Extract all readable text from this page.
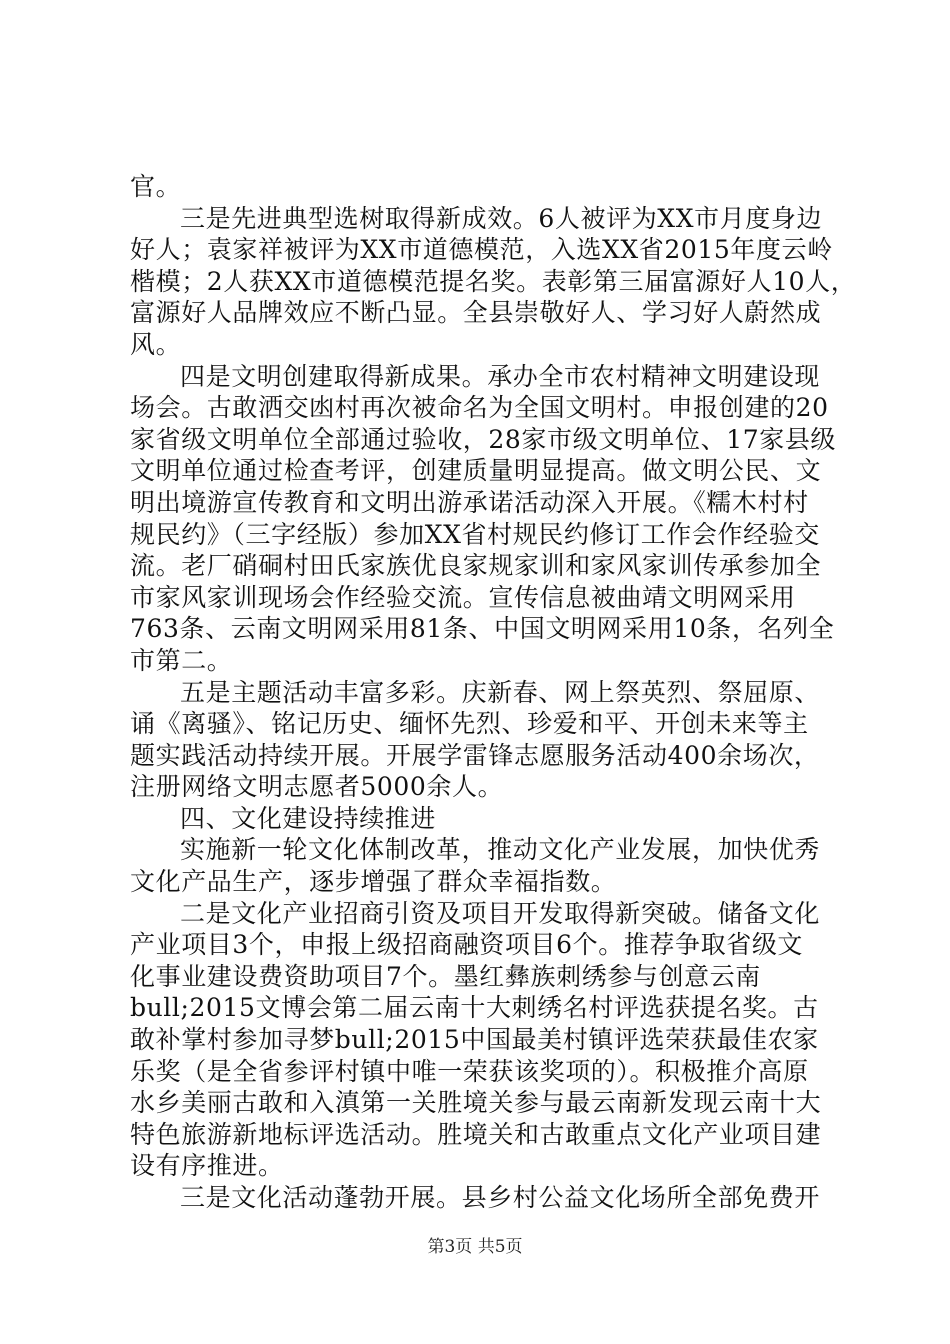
官。
三是先进典型选树取得新成效。6人被评为XX市月度身边
好人；袁家祥被评为XX市道德模范，入选XX省2015年度云岭
楷模；2人获XX市道德模范提名奖。表彰第三届富源好人10人，
富源好人品牌效应不断凸显。全县崇敬好人、学习好人蔚然成
风。
四是文明创建取得新成果。承办全市农村精神文明建设现
场会。古敢洒交凼村再次被命名为全国文明村。申报创建的20
家省级文明单位全部通过验收，28家市级文明单位、17家县级
文明单位通过检查考评，创建质量明显提高。做文明公民、文
明出境游宣传教育和文明出游承诺活动深入开展。《糯木村村
规民约》（三字经版）参加XX省村规民约修订工作会作经验交
流。老厂硝硐村田氏家族优良家规家训和家风家训传承参加全
市家风家训现场会作经验交流。宣传信息被曲靖文明网采用
763条、云南文明网采用81条、中国文明网采用10条，名列全
市第二。
五是主题活动丰富多彩。庆新春、网上祭英烈、祭屈原、
诵《离骚》、铭记历史、缅怀先烈、珍爱和平、开创未来等主
题实践活动持续开展。开展学雷锋志愿服务活动400余场次，
注册网络文明志愿者5000余人。
四、文化建设持续推进
实施新一轮文化体制改革，推动文化产业发展，加快优秀
文化产品生产，逐步增强了群众幸福指数。
二是文化产业招商引资及项目开发取得新突破。储备文化
产业项目3个，申报上级招商融资项目6个。推荐争取省级文
化事业建设费资助项目7个。墨红彝族刺绣参与创意云南
bull;2015文博会第二届云南十大刺绣名村评选获提名奖。古
敢补掌村参加寻梦bull;2015中国最美村镇评选荣获最佳农家
乐奖（是全省参评村镇中唯一荣获该奖项的）。积极推介高原
水乡美丽古敢和入滇第一关胜境关参与最云南新发现云南十大
特色旅游新地标评选活动。胜境关和古敢重点文化产业项目建
设有序推进。
三是文化活动蓬勃开展。县乡村公益文化场所全部免费开
第3页 共5页
